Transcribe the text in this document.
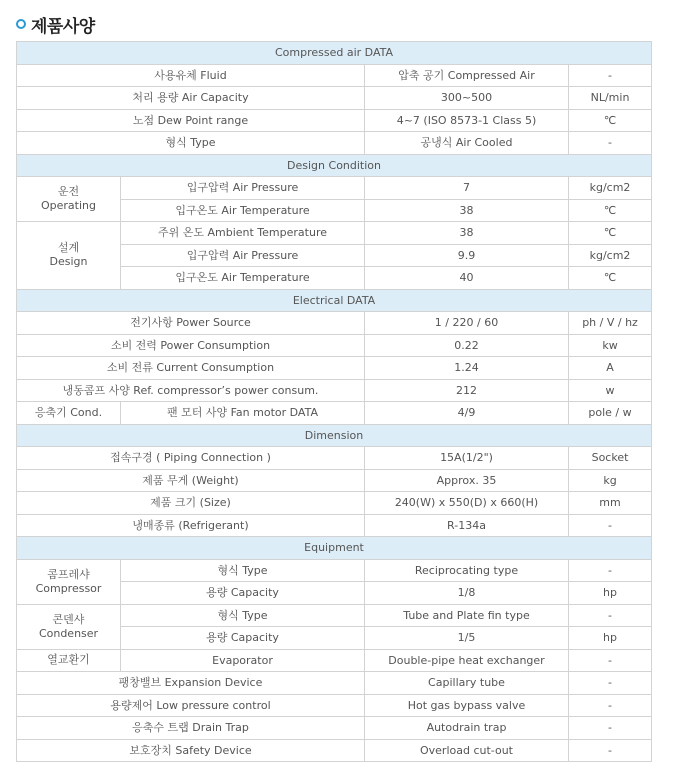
제품사양
Compressed air DATA			
사용유체 Fluid		압축 공기 Compressed Air	-
처리 용량 Air Capacity		300~500	NL/min
노점 Dew Point range		4~7 (ISO 8573-1 Class 5)	℃
형식 Type		공냉식 Air Cooled	-
Design Condition			

운전
Operating	입구압력 Air Pressure	7	kg/cm2
	입구온도 Air Temperature	38	℃

설계
Design	주위 온도 Ambient Temperature	38	℃
	입구압력 Air Pressure	9.9	kg/cm2
	입구온도 Air Temperature	40	℃
Electrical DATA			
전기사항 Power Source		1 / 220 / 60	ph / V / hz
소비 전력 Power Consumption		0.22	kw
소비 전류 Current Consumption		1.24	A
냉동콤프 사양 Ref. compressor’s power consum.		212	w

응축기 Cond.	팬 모터 사양 Fan motor DATA	4/9	pole / w
Dimension			
접속구경 ( Piping Connection )		15A(1/2")	Socket
제품 무게 (Weight)		Approx. 35	kg
제품 크기 (Size)		240(W) x 550(D) x 660(H)	mm
냉매종류 (Refrigerant)		R-134a	-
Equipment			

콤프레샤
Compressor	형식 Type	Reciprocating type	-
	용량 Capacity	1/8	hp

콘덴샤
Condenser	형식 Type	Tube and Plate fin type	-
	용량 Capacity	1/5	hp

열교환기	Evaporator	Double-pipe heat exchanger	-
팽창밸브 Expansion Device		Capillary tube	-
용량제어 Low pressure control		Hot gas bypass valve	-
응축수 트랩 Drain Trap		Autodrain trap	-
보호장치 Safety Device		Overload cut-out	-
